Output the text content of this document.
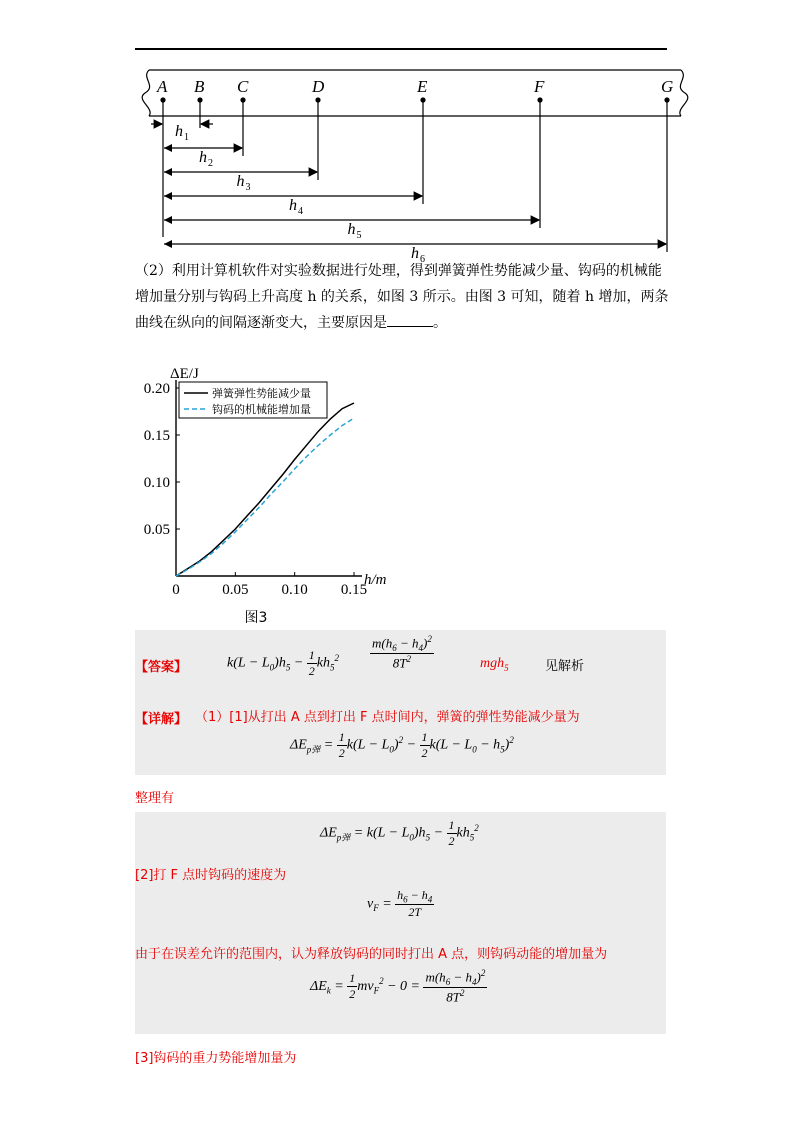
A B C	D	E	F	G
h 1
h 2
h 3
h 4
h 5
h 6
（2）利用计算机软件对实验数据进行处理，得到弹簧弹性势能减少量、钩码的机械能增加量分别与钩码上升高度 h 的关系，如图 3 所示。由图 3 可知，随着 h 增加，两条曲线在纵向的间隔逐渐变大，主要原因是	。
0	0.05 0.10 0.15
0.05
0.10
0.15
0.20
ΔE/J
h/m
图3
弹簧弹性势能减少量
钩码的机械能增加量
【答案】	$k(L - L_0)h_5 - \frac{1}{2} kh_5^2 \frac{m(h_6 - h_4)^2}{8T^2}$	mgh$_5$	见解析
【详解】 （1）[1]从打出 A 点到打出 F 点时间内，弹簧的弹性势能减少量为
$\Delta E_{p弹} = \frac{1}{2} k(L - L_0)^2 - \frac{1}{2} k(L - L_0 - h_5)^2$
整理有
$\Delta E_{p弹} = k(L - L_0)h_5 - \frac{1}{2} kh_5^2$
[2]打 F 点时钩码的速度为
$v_F = \frac{h_6 - h_4}{2T}$
由于在误差允许的范围内，认为释放钩码的同时打出 A 点，则钩码动能的增加量为
$\Delta E_k = \frac{1}{2} mv_F^2 - 0 = \frac{m(h_6 - h_4)^2}{8T^2}$
[3]钩码的重力势能增加量为
